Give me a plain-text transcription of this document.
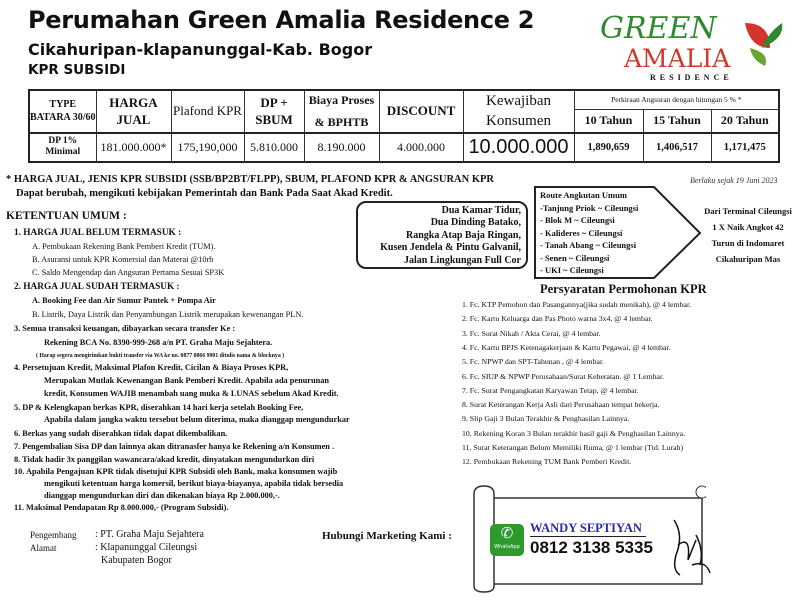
Perumahan Green Amalia Residence 2
Cikahuripan-klapanunggal-Kab. Bogor
KPR SUBSIDI
GREEN
AMALIA
RESIDENCE
TYPE BATARA 30/60	HARGA JUAL	Plafond KPR	DP + SBUM	Biaya Proses
& BPHTB	DISCOUNT	Kewajiban Konsumen	Perkiraan Angsuran dengan hitungan 5 % *		
							10 Tahun	15 Tahun	20 Tahun
DP 1% Minimal	181.000.000*	175,190,000	5.810.000	8.190.000	4.000.000	10.000.000	1,890,659	1,406,517	1,171,475
* HARGA JUAL, JENIS KPR SUBSIDI (SSB/BP2BT/FLPP), SBUM, PLAFOND KPR & ANGSURAN KPR
Dapat berubah, mengikuti kebijakan Pemerintah dan Bank Pada Saat Akad Kredit.
Berlaku sejak 19 Juni 2023
KETENTUAN UMUM :
1. HARGA JUAL BELUM TERMASUK :
A. Pembukaan Rekening Bank Pemberi Kredit (TUM).
B. Asuransi untuk KPR Komersial dan Materai @10rb
C. Saldo Mengendap dan Angsuran Pertama Sesuai SP3K
2. HARGA JUAL SUDAH TERMASUK :
A. Booking Fee dan Air Sumur Pantek + Pompa Air
B. Listrik, Daya Listrik dan Penyambungan Listrik merupakan kewenangan PLN.
3. Semua transaksi keuangan, dibayarkan secara transfer Ke :
Rekening BCA No. 8390-999-268 a/n PT. Graha Maju Sejahtera.
( Harap segera mengirimkan bukti transfer via WA ke no. 0877 8866 9901 ditulis nama & blocknya )
4. Persetujuan Kredit, Maksimal Plafon Kredit, Cicilan & Biaya Proses KPR,
Merupakan Mutlak Kewenangan Bank Pemberi Kredit. Apabila ada penurunan
kredit, Konsumen WAJIB menambah uang muka & LUNAS sebelum Akad Kredit.
5. DP & Kelengkapan berkas KPR, diserahkan 14 hari kerja setelah Booking Fee,
Apabila dalam jangka waktu tersebut belum diterima, maka dianggap mengundurkar
6. Berkas yang sudah diserahkan tidak dapat dikembalikan.
7. Pengembalian Sisa DP dan lainnya akan ditranasfer hanya ke Rekening a/n Konsumen .
8. Tidak hadir 3x panggilan wawancara/akad kredit, dinyatakan mengundurkan diri
10. Apabila Pengajuan KPR tidak disetujui KPR Subsidi oleh Bank, maka konsumen wajib
mengikuti ketentuan harga komersil, berikut biaya-biayanya, apabila tidak bersedia
dianggap mengundurkan diri dan dikenakan biaya Rp 2.000.000,-.
11. Maksimal Pendapatan Rp 8.000.000,- (Program Subsidi).
Dua Kamar Tidur,
Dua Dinding Batako,
Rangka Atap Baja Ringan,
Kusen Jendela & Pintu Galvanil,
Jalan Lingkungan Full Cor
Route Angkutan Umum
-Tanjung Priok ~ Cileungsi
- Blok M ~ Cileungsi
- Kalideres ~ Cileungsi
- Tanah Abang ~ Cileungsi
- Senen ~ Cileungsi
- UKI ~ Cileungsi
Dari Terminal Cileungsi
1 X Naik Angkot 42
Turun di Indomaret
Cikahuripan Mas
Persyaratan Permohonan KPR
1. Fc. KTP Pemohon dan Pasangannya(jika sudah menikah), @ 4 lembar.
2. Fc. Kartu Keluarga dan Pas Photo warna 3x4, @ 4 lembar.
3. Fc. Surat Nikah / Akta Cerai, @ 4 lembar.
4. Fc. Kartu BPJS Ketenagakerjaan & Kartu Pegawai, @ 4 lembar.
5. Fc. NPWP dan SPT-Tahunan , @ 4 lembar.
6. Fc. SIUP & NPWP Perusahaan/Surat Keberatan. @ 1 Lembar.
7. Fc. Surat Pengangkatan Karyawan Tetap, @ 4 lembar.
8. Surat Keterangan Kerja Asli dari Perusahaan tempat bekerja.
9. Slip Gaji 3 Bulan Terakhir & Penghasilan Lainnya.
10. Rekening Koran 3 Bulan terakhir hasil gaji & Penghasilan Lainnya.
11. Surat Keterangan Belum Memiliki Ruma, @ 1 lembar (Ttd. Lurah)
12. Pembukaan Rekening TUM Bank Pemberi Kredit.
Pengembang : PT. Graha Maju Sejahtera
Alamat	: Klapanunggal Cileungsi
Kabupaten Bogor
Hubungi Marketing Kami :	✆
WhatsApp
WANDY SEPTIYAN
0812 3138 5335
